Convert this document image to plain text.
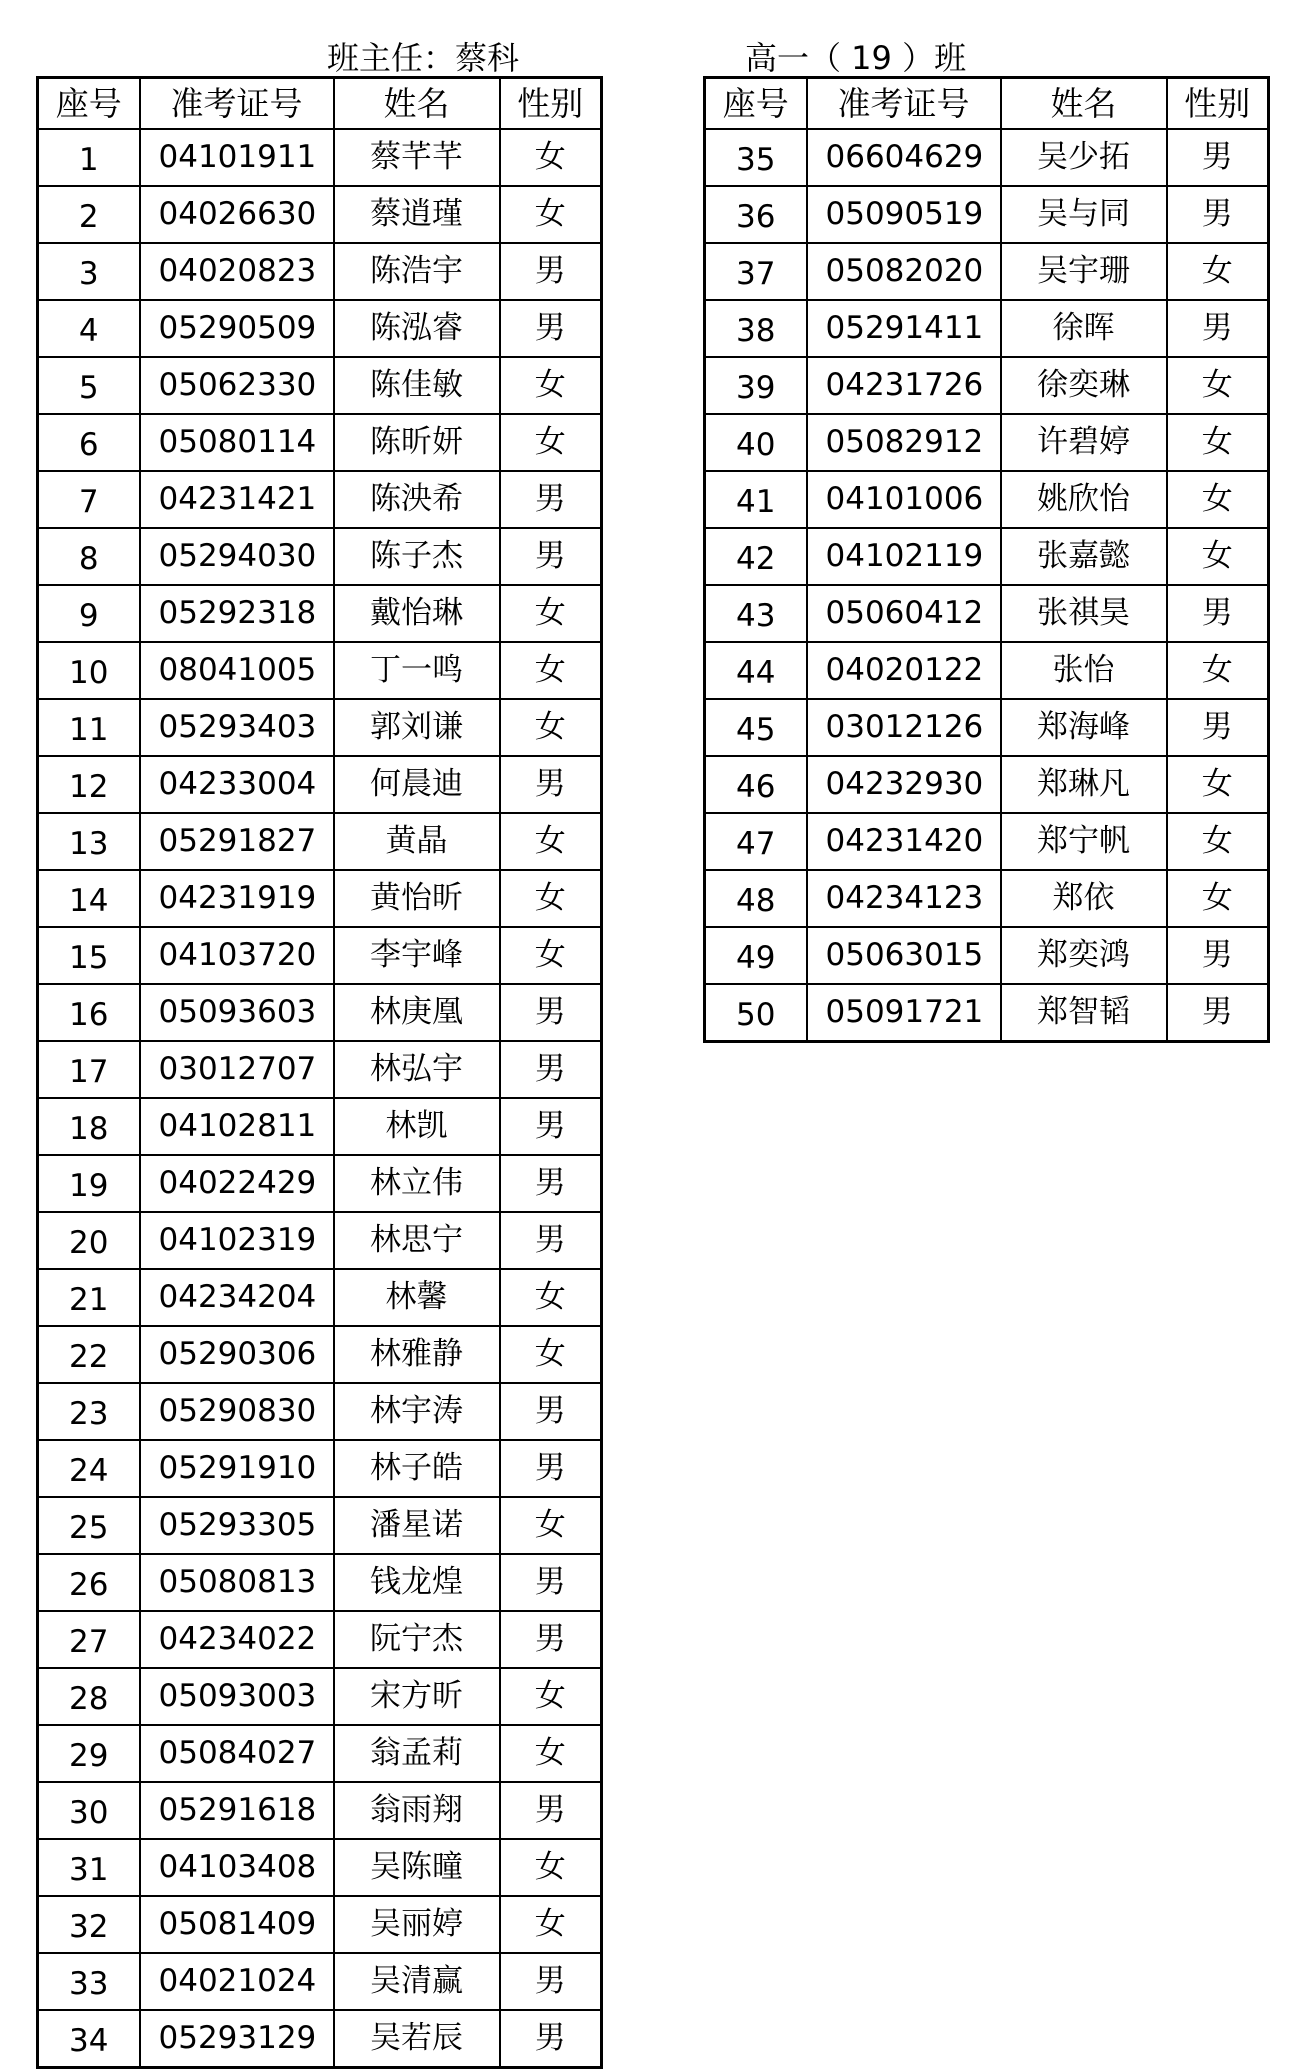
班主任：蔡科	高一（ 19 ）班
座号	准考证号	姓名	性别
1	04101911	蔡芊芊	女
2	04026630	蔡逍瑾	女
3	04020823	陈浩宇	男
4	05290509	陈泓睿	男
5	05062330	陈佳敏	女
6	05080114	陈昕妍	女
7	04231421	陈泱希	男
8	05294030	陈子杰	男
9	05292318	戴怡琳	女
10	08041005	丁一鸣	女
11	05293403	郭刘谦	女
12	04233004	何晨迪	男
13	05291827	黄晶	女
14	04231919	黄怡昕	女
15	04103720	李宇峰	女
16	05093603	林庚凰	男
17	03012707	林弘宇	男
18	04102811	林凯	男
19	04022429	林立伟	男
20	04102319	林思宁	男
21	04234204	林馨	女
22	05290306	林雅静	女
23	05290830	林宇涛	男
24	05291910	林子皓	男
25	05293305	潘星诺	女
26	05080813	钱龙煌	男
27	04234022	阮宁杰	男
28	05093003	宋方昕	女
29	05084027	翁孟莉	女
30	05291618	翁雨翔	男
31	04103408	吴陈曈	女
32	05081409	吴丽婷	女
33	04021024	吴清赢	男
34	05293129	吴若辰	男
座号	准考证号	姓名	性别
35	06604629	吴少拓	男
36	05090519	吴与同	男
37	05082020	吴宇珊	女
38	05291411	徐晖	男
39	04231726	徐奕琳	女
40	05082912	许碧婷	女
41	04101006	姚欣怡	女
42	04102119	张嘉懿	女
43	05060412	张祺昊	男
44	04020122	张怡	女
45	03012126	郑海峰	男
46	04232930	郑琳凡	女
47	04231420	郑宁帆	女
48	04234123	郑依	女
49	05063015	郑奕鸿	男
50	05091721	郑智韬	男
